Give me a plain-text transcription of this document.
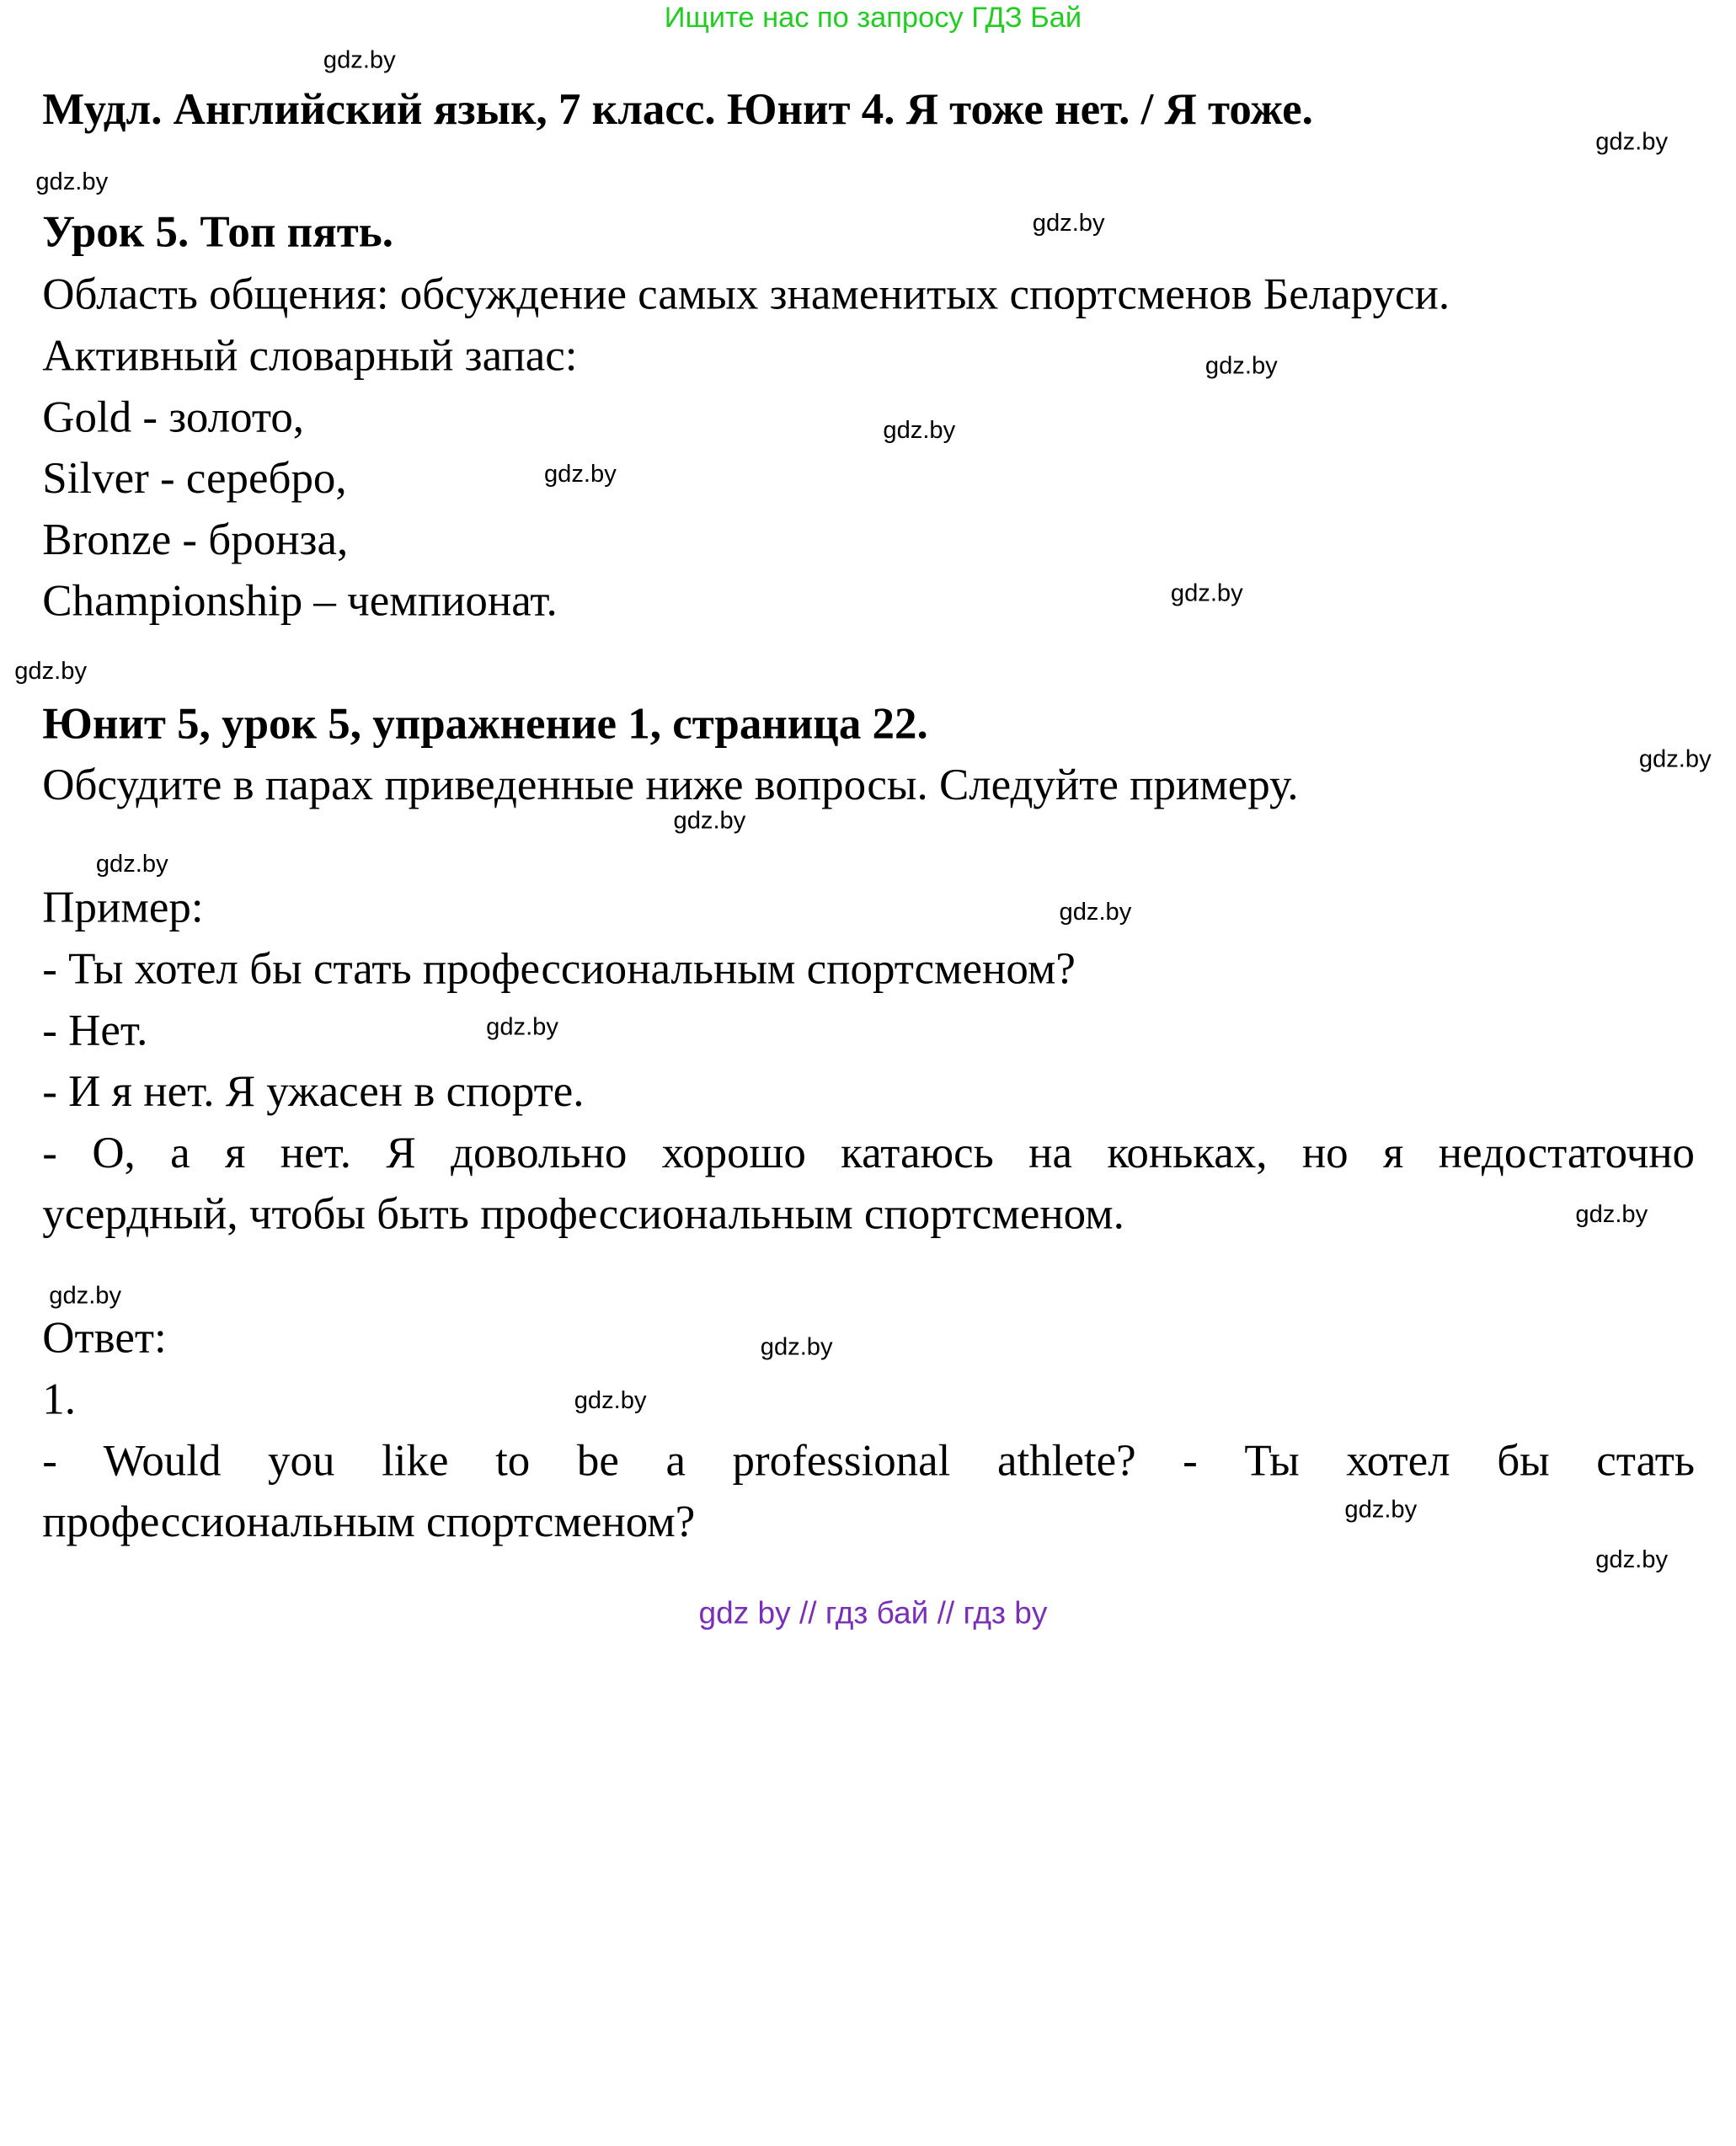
Ищите нас по запросу ГДЗ Бай

Мудл. Английский язык, 7 класс. Юнит 4. Я тоже нет. / Я тоже.

Урок 5. Топ пять.

Область общения: обсуждение самых знаменитых спортсменов Беларуси.

Активный словарный запас:

Gold - золото,

Silver - серебро,

Bronze - бронза,

Championship – чемпионат.

Юнит 5, урок 5, упражнение 1, страница 22.

Обсудите в парах приведенные ниже вопросы. Следуйте примеру.

Пример:

- Ты хотел бы стать профессиональным спортсменом?

- Нет.

- И я нет. Я ужасен в спорте.

- О, а я нет. Я довольно хорошо катаюсь на коньках, но я недостаточно

усердный, чтобы быть профессиональным спортсменом.

Ответ:

1.

- Would you like to be a professional athlete? - Ты хотел бы стать

профессиональным спортсменом?

gdz.by
gdz.by
gdz.by
gdz.by
gdz.by
gdz.by
gdz.by
gdz.by
gdz.by
gdz.by
gdz.by
gdz.by
gdz.by
gdz.by
gdz.by
gdz.by
gdz.by
gdz.by
gdz.by
gdz.by
gdz by // гдз бай // гдз by
